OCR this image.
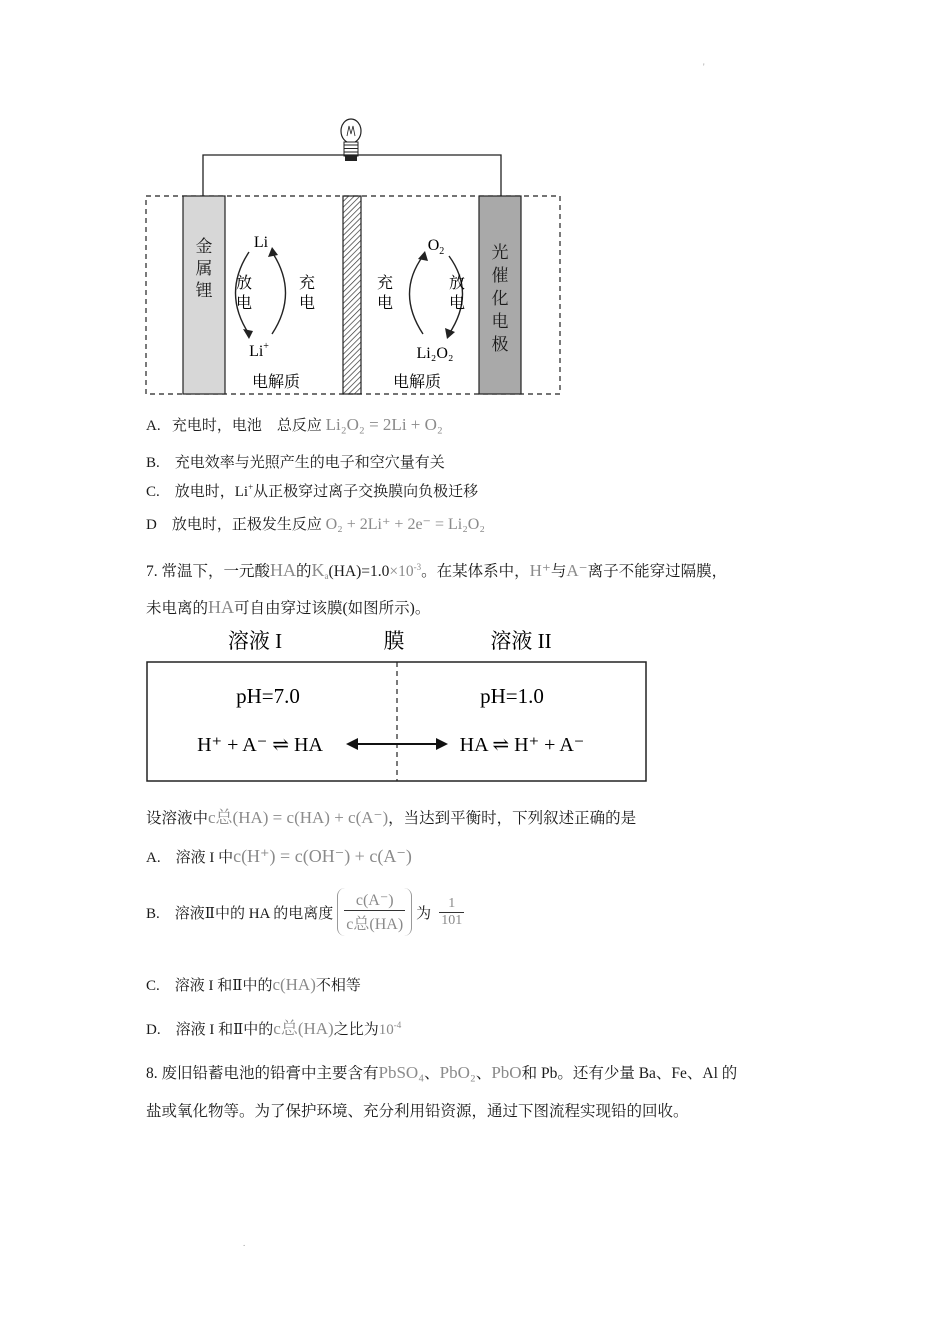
'
.
金属锂
光催化电极
Li
Li+
放电
充电
$O_2$
Li₂O₂
充电
放电
电解质	电解质
A. 充电时，电池　总反应 Li₂O₂ = 2Li + O₂
B.　充电效率与光照产生的电子和空穴量有关
C.　放电时，Li+从正极穿过离子交换膜向负极迁移
D　放电时，正极发生反应 O₂ + 2Li⁺ + 2e⁻ = Li₂O₂
7. 常温下，一元酸HA的$K_a(HA)=1.0\times 10^{-3}$。在某体系中，H⁺与A⁻离子不能穿过隔膜，
未电离的HA可自由穿过该膜(如图所示)。
溶液 I	膜	溶液 II
pH=7.0	pH=1.0
H⁺ + A⁻ ⇌ HA	HA ⇌ H⁺ + A⁻
设溶液中c总(HA) = c(HA) + c(A⁻)，当达到平衡时，下列叙述正确的是
A.　溶液 I 中c(H⁺) = c(OH⁻) + c(A⁻)
B.　溶液Ⅱ中的 HA 的电离度 $\frac{c(A^-)}{\text{c总(HA)}}$ 为 $\frac{1}{101}$
C.　溶液 I 和Ⅱ中的c(HA)不相等
D.　溶液 I 和Ⅱ中的c总(HA)之比为$10^{-4}$
8. 废旧铅蓄电池的铅膏中主要含有PbSO₄、PbO₂、PbO和 Pb。还有少量 Ba、Fe、Al 的
盐或氧化物等。为了保护环境、充分利用铅资源，通过下图流程实现铅的回收。
